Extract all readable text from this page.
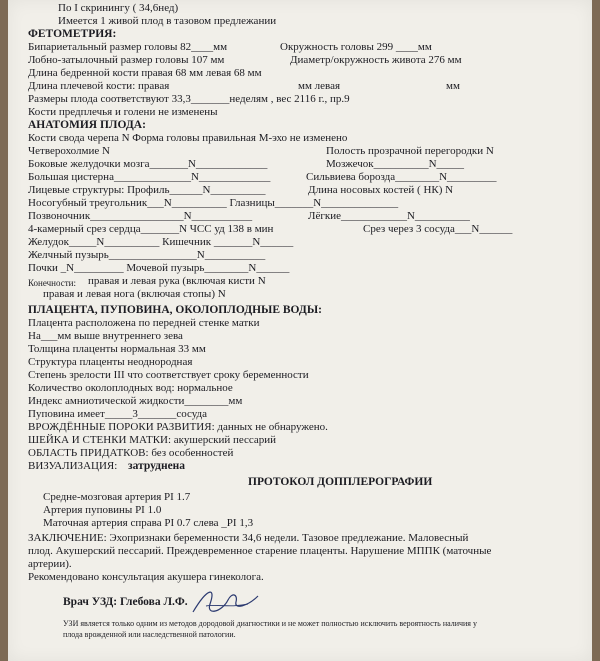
По I скринингу ( 34,6нед)
Имеется 1 живой плод в тазовом предлежании
ФЕТОМЕТРИЯ:
Бипариетальный размер головы 82____мм	Окружность головы 299 ____мм
Лобно-затылочный размер головы 107 мм	Диаметр/окружность живота 276 мм
Длина бедренной кости правая 68 мм левая 68 мм
Длина плечевой кости: правая	мм левая	мм
Размеры плода соответствуют 33,3_______неделям , вес 2116 г., пр.9
Кости предплечья и голени не изменены
АНАТОМИЯ ПЛОДА:
Кости свода черепа N Форма головы правильная М-эхо не изменено
Четверохолмие N	Полость прозрачной перегородки N
Боковые желудочки мозга_______N_____________	Мозжечок__________N_____
Большая цистерна______________N_____________	Сильвиева борозда________N_________
Лицевые структуры: Профиль______N__________	Длина носовых костей ( НК) N
Носогубный треугольник___N__________ Глазницы_______N______________
Позвоночник_________________N___________	Лёгкие____________N__________
4-камерный срез сердца_______N ЧСС уд 138 в мин	Срез через 3 сосуда___N______
Желудок_____N__________ Кишечник _______N______
Желчный пузырь________________N___________
Почки _N_________ Мочевой пузырь________N______
Конечности: правая и левая рука (включая кисти N
правая и левая нога (включая стопы) N
ПЛАЦЕНТА, ПУПОВИНА, ОКОЛОПЛОДНЫЕ ВОДЫ:
Плацента расположена по передней стенке матки
На___мм выше внутреннего зева
Толщина плаценты нормальная 33 мм
Структура плаценты неоднородная
Степень зрелости III что соответствует сроку беременности
Количество околоплодных вод: нормальное
Индекс амниотической жидкости________мм
Пуповина имеет_____3_______сосуда
ВРОЖДЁННЫЕ ПОРОКИ РАЗВИТИЯ: данных не обнаружено.
ШЕЙКА И СТЕНКИ МАТКИ: акушерский пессарий
ОБЛАСТЬ ПРИДАТКОВ: без особенностей
ВИЗУАЛИЗАЦИЯ: затруднена
ПРОТОКОЛ ДОППЛЕРОГРАФИИ
Средне-мозговая артерия PI 1.7
Артерия пуповины PI 1.0
Маточная артерия справа PI 0.7 слева _PI 1,3
ЗАКЛЮЧЕНИЕ: Эхопризнаки беременности 34,6 недели. Тазовое предлежание. Маловесный
плод. Акушерский пессарий. Преждевременное старение плаценты. Нарушение МППК (маточные
артерии).
Рекомендовано консультация акушера гинеколога.
Врач УЗД: Глебова Л.Ф.
УЗИ является только одним из методов дородовой диагностики и не может полностью исключить вероятность наличия у
плода врожденной или наследственной патологии.
